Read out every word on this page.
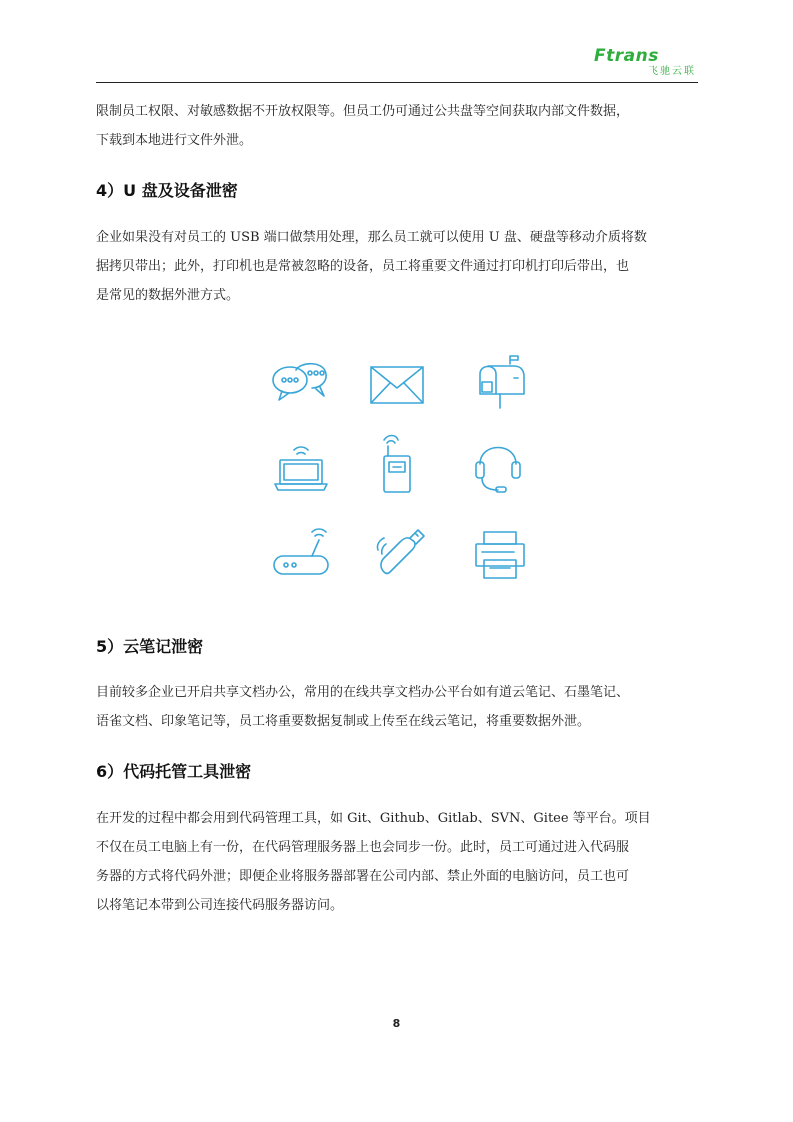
Ftrans
飞驰云联

限制员工权限、对敏感数据不开放权限等。但员工仍可通过公共盘等空间获取内部文件数据，
下载到本地进行文件外泄。

4）U 盘及设备泄密

企业如果没有对员工的 USB 端口做禁用处理，那么员工就可以使用 U 盘、硬盘等移动介质将数
据拷贝带出；此外，打印机也是常被忽略的设备，员工将重要文件通过打印机打印后带出，也
是常见的数据外泄方式。

5）云笔记泄密

目前较多企业已开启共享文档办公，常用的在线共享文档办公平台如有道云笔记、石墨笔记、
语雀文档、印象笔记等，员工将重要数据复制或上传至在线云笔记，将重要数据外泄。

6）代码托管工具泄密

在开发的过程中都会用到代码管理工具，如 Git、Github、Gitlab、SVN、Gitee 等平台。项目
不仅在员工电脑上有一份，在代码管理服务器上也会同步一份。此时，员工可通过进入代码服
务器的方式将代码外泄；即便企业将服务器部署在公司内部、禁止外面的电脑访问，员工也可
以将笔记本带到公司连接代码服务器访问。

8
